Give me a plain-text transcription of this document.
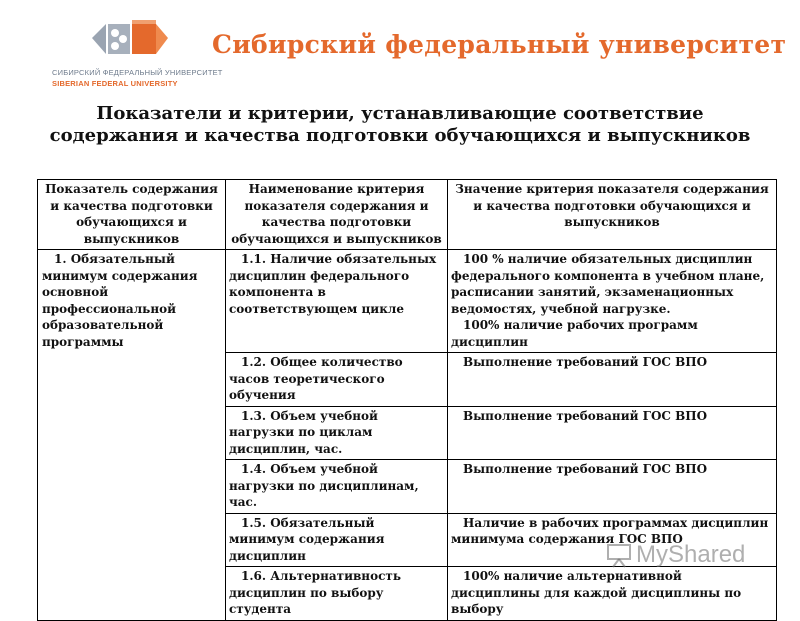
СИБИРСКИЙ ФЕДЕРАЛЬНЫЙ УНИВЕРСИТЕТ
SIBERIAN FEDERAL UNIVERSITY
Сибирский федеральный университет
Показатели и критерии, устанавливающие соответствие
содержания и качества подготовки обучающихся и выпускников
Показатель содержания и качества подготовки обучающихся и выпускников	Наименование критерия показателя содержания и качества подготовки обучающихся и выпускников	Значение критерия показателя содержания и качества подготовки обучающихся и выпускников
1. Обязательный минимум содержания основной профессиональной образовательной программы	1.1. Наличие обязательных дисциплин федерального компонента в соответствующем цикле	100 % наличие обязательных дисциплин федерального компонента в учебном плане, расписании занятий, экзаменационных ведомостях, учебной нагрузке.
100% наличие рабочих программ дисциплин
	1.2. Общее количество часов теоретического обучения	Выполнение требований ГОС ВПО
	1.3. Объем учебной нагрузки по циклам дисциплин, час.	Выполнение требований ГОС ВПО
	1.4. Объем учебной нагрузки по дисциплинам, час.	Выполнение требований ГОС ВПО
	1.5. Обязательный минимум содержания дисциплин	Наличие в рабочих программах дисциплин минимума содержания ГОС ВПО
	1.6. Альтернативность дисциплин по выбору студента	100% наличие альтернативной дисциплины для каждой дисциплины по выбору
MyShared
